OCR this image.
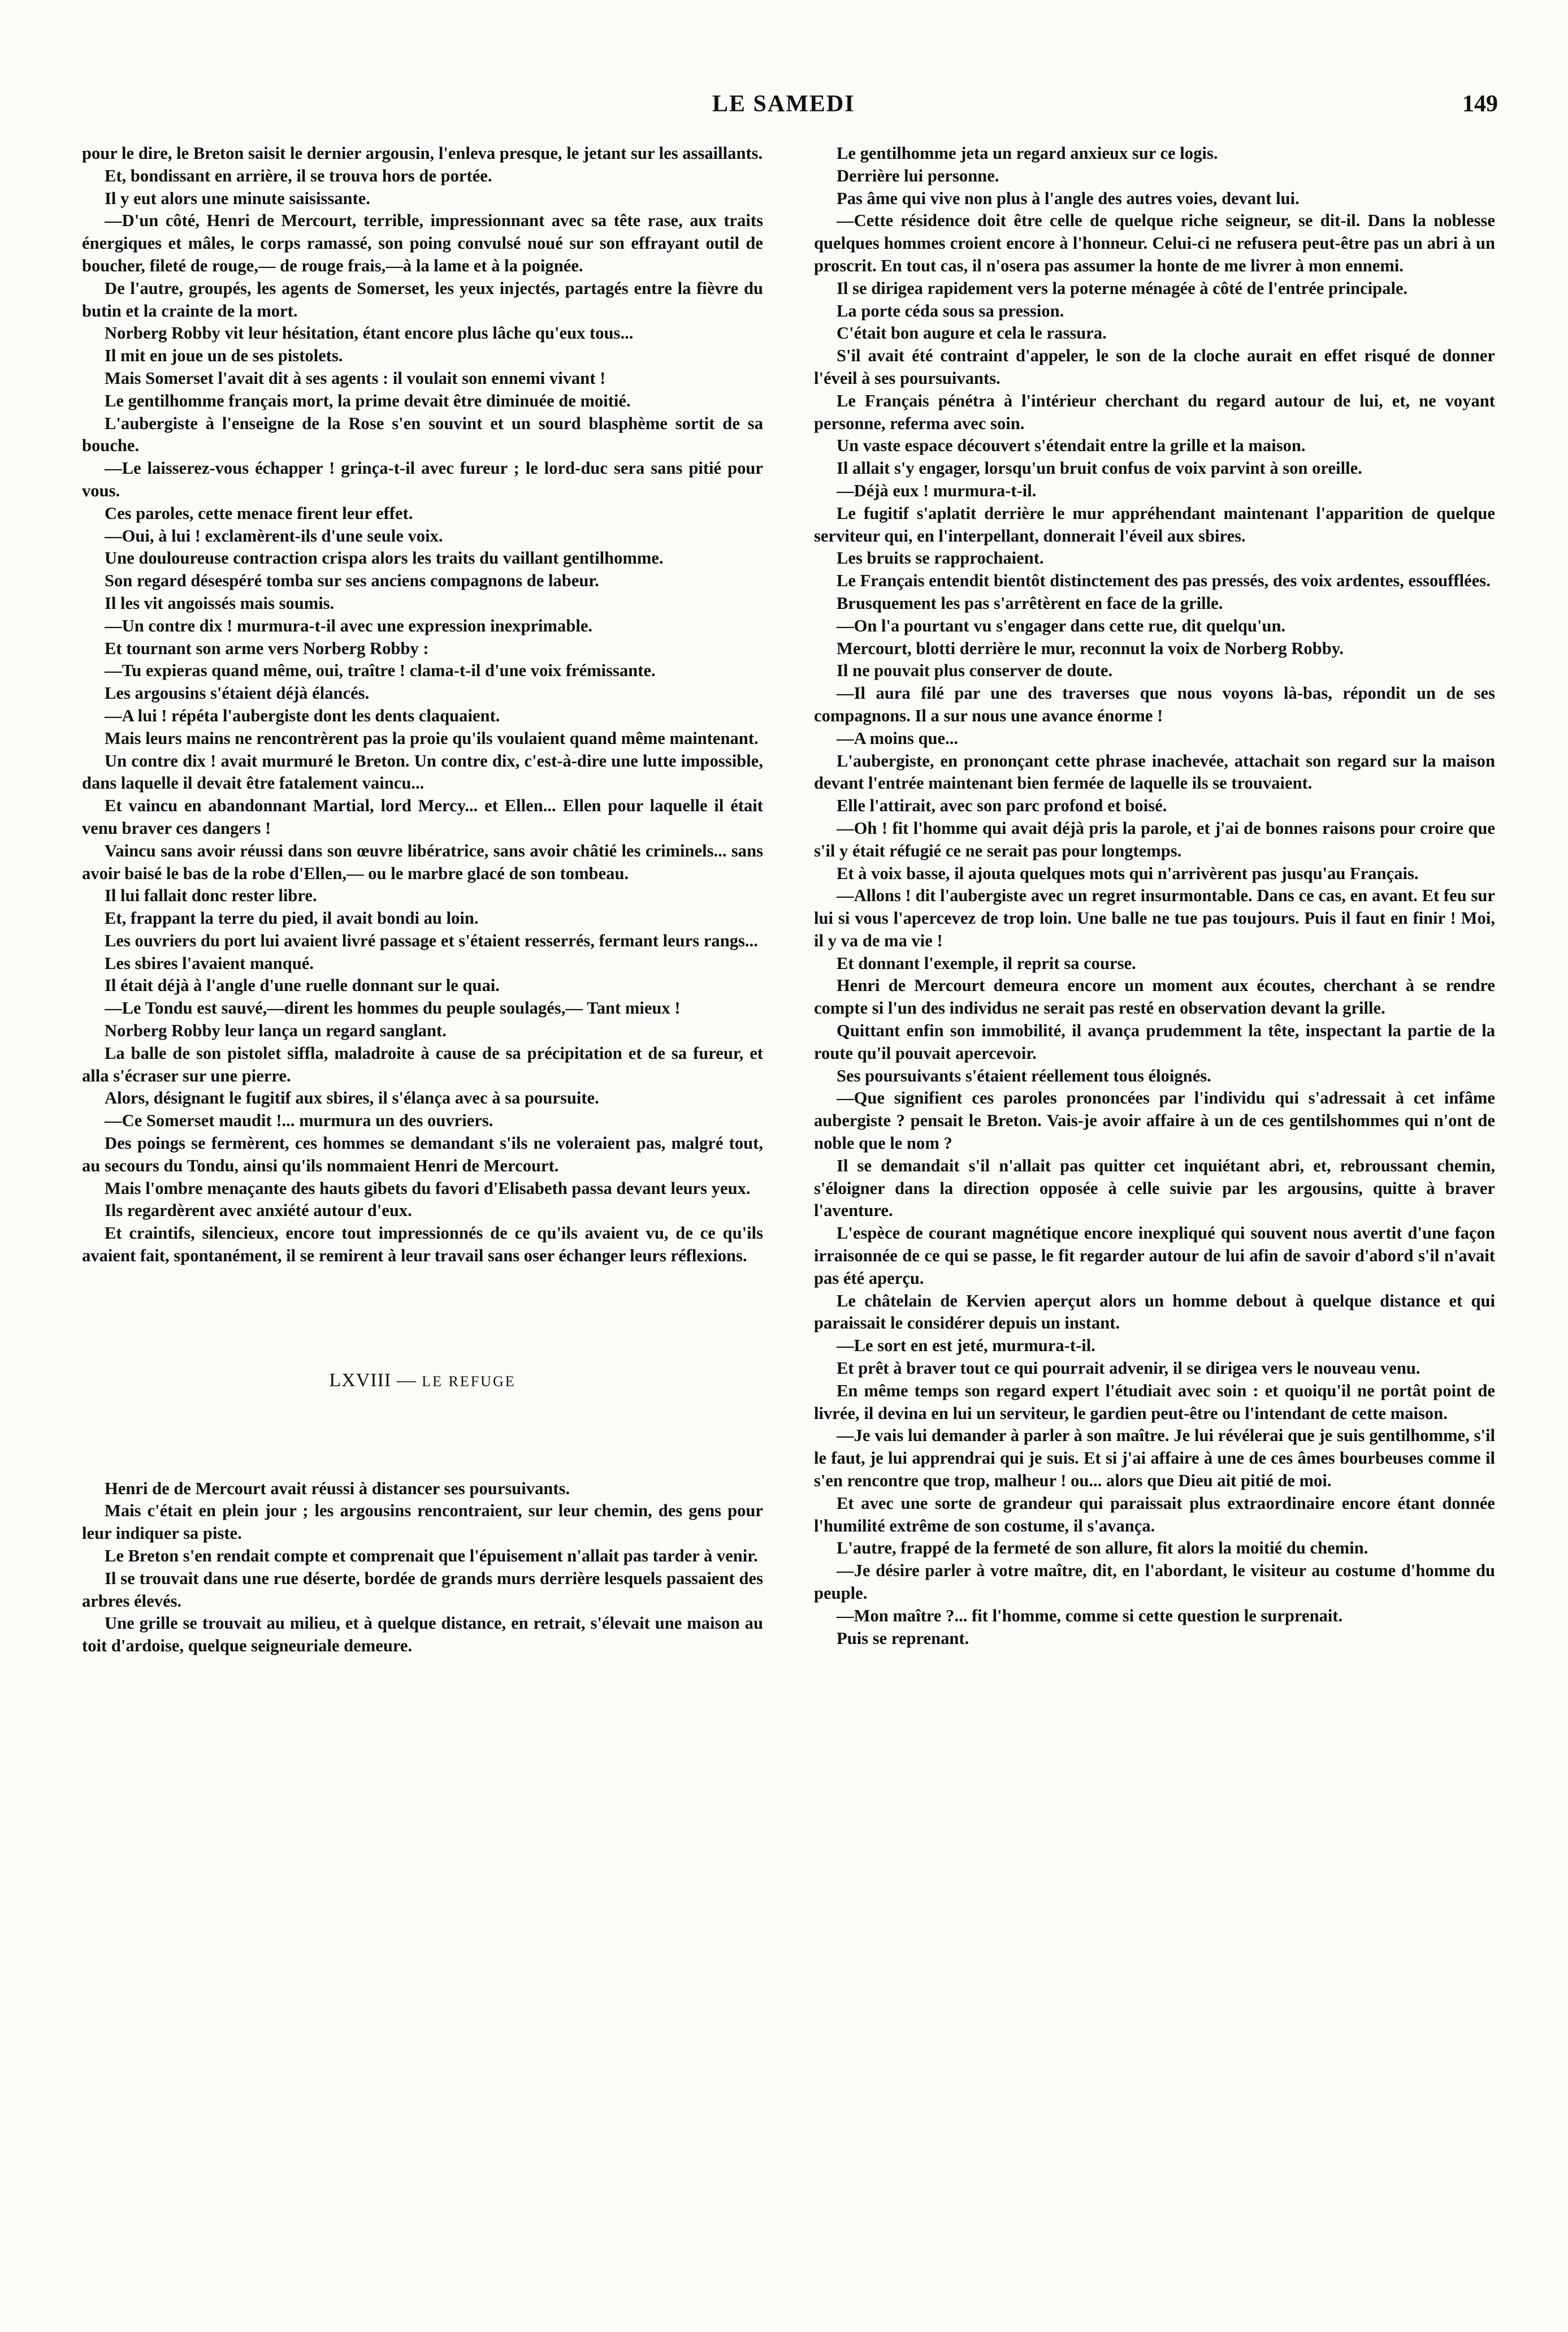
LE SAMEDI	149

pour le dire, le Breton saisit le dernier argousin, l'enleva presque, le jetant sur les assaillants.

Et, bondissant en arrière, il se trouva hors de portée.

Il y eut alors une minute saisissante.

—D'un côté, Henri de Mercourt, terrible, impressionnant avec sa tête rase, aux traits énergiques et mâles, le corps ramassé, son poing convulsé noué sur son effrayant outil de boucher, fileté de rouge,— de rouge frais,—à la lame et à la poignée.

De l'autre, groupés, les agents de Somerset, les yeux injectés, partagés entre la fièvre du butin et la crainte de la mort.

Norberg Robby vit leur hésitation, étant encore plus lâche qu'eux tous...

Il mit en joue un de ses pistolets.

Mais Somerset l'avait dit à ses agents : il voulait son ennemi vivant !

Le gentilhomme français mort, la prime devait être diminuée de moitié.

L'aubergiste à l'enseigne de la Rose s'en souvint et un sourd blasphème sortit de sa bouche.

—Le laisserez-vous échapper ! grinça-t-il avec fureur ; le lord-duc sera sans pitié pour vous.

Ces paroles, cette menace firent leur effet.

—Oui, à lui ! exclamèrent-ils d'une seule voix.

Une douloureuse contraction crispa alors les traits du vaillant gentilhomme.

Son regard désespéré tomba sur ses anciens compagnons de labeur.

Il les vit angoissés mais soumis.

—Un contre dix ! murmura-t-il avec une expression inexprimable.

Et tournant son arme vers Norberg Robby :

—Tu expieras quand même, oui, traître ! clama-t-il d'une voix frémissante.

Les argousins s'étaient déjà élancés.

—A lui ! répéta l'aubergiste dont les dents claquaient.

Mais leurs mains ne rencontrèrent pas la proie qu'ils voulaient quand même maintenant.

Un contre dix ! avait murmuré le Breton. Un contre dix, c'est-à-dire une lutte impossible, dans laquelle il devait être fatalement vaincu...

Et vaincu en abandonnant Martial, lord Mercy... et Ellen... Ellen pour laquelle il était venu braver ces dangers !

Vaincu sans avoir réussi dans son œuvre libératrice, sans avoir châtié les criminels... sans avoir baisé le bas de la robe d'Ellen,— ou le marbre glacé de son tombeau.

Il lui fallait donc rester libre.

Et, frappant la terre du pied, il avait bondi au loin.

Les ouvriers du port lui avaient livré passage et s'étaient resserrés, fermant leurs rangs...

Les sbires l'avaient manqué.

Il était déjà à l'angle d'une ruelle donnant sur le quai.

—Le Tondu est sauvé,—dirent les hommes du peuple soulagés,— Tant mieux !

Norberg Robby leur lança un regard sanglant.

La balle de son pistolet siffla, maladroite à cause de sa précipitation et de sa fureur, et alla s'écraser sur une pierre.

Alors, désignant le fugitif aux sbires, il s'élança avec à sa poursuite.

—Ce Somerset maudit !... murmura un des ouvriers.

Des poings se fermèrent, ces hommes se demandant s'ils ne voleraient pas, malgré tout, au secours du Tondu, ainsi qu'ils nommaient Henri de Mercourt.

Mais l'ombre menaçante des hauts gibets du favori d'Elisabeth passa devant leurs yeux.

Ils regardèrent avec anxiété autour d'eux.

Et craintifs, silencieux, encore tout impressionnés de ce qu'ils avaient vu, de ce qu'ils avaient fait, spontanément, il se remirent à leur travail sans oser échanger leurs réflexions.

LXVIII — LE REFUGE

Henri de de Mercourt avait réussi à distancer ses poursuivants.

Mais c'était en plein jour ; les argousins rencontraient, sur leur chemin, des gens pour leur indiquer sa piste.

Le Breton s'en rendait compte et comprenait que l'épuisement n'allait pas tarder à venir.

Il se trouvait dans une rue déserte, bordée de grands murs derrière lesquels passaient des arbres élevés.

Une grille se trouvait au milieu, et à quelque distance, en retrait, s'élevait une maison au toit d'ardoise, quelque seigneuriale demeure.

Le gentilhomme jeta un regard anxieux sur ce logis.

Derrière lui personne.

Pas âme qui vive non plus à l'angle des autres voies, devant lui.

—Cette résidence doit être celle de quelque riche seigneur, se dit-il. Dans la noblesse quelques hommes croient encore à l'honneur. Celui-ci ne refusera peut-être pas un abri à un proscrit. En tout cas, il n'osera pas assumer la honte de me livrer à mon ennemi.

Il se dirigea rapidement vers la poterne ménagée à côté de l'entrée principale.

La porte céda sous sa pression.

C'était bon augure et cela le rassura.

S'il avait été contraint d'appeler, le son de la cloche aurait en effet risqué de donner l'éveil à ses poursuivants.

Le Français pénétra à l'intérieur cherchant du regard autour de lui, et, ne voyant personne, referma avec soin.

Un vaste espace découvert s'étendait entre la grille et la maison.

Il allait s'y engager, lorsqu'un bruit confus de voix parvint à son oreille.

—Déjà eux ! murmura-t-il.

Le fugitif s'aplatit derrière le mur appréhendant maintenant l'apparition de quelque serviteur qui, en l'interpellant, donnerait l'éveil aux sbires.

Les bruits se rapprochaient.

Le Français entendit bientôt distinctement des pas pressés, des voix ardentes, essoufflées.

Brusquement les pas s'arrêtèrent en face de la grille.

—On l'a pourtant vu s'engager dans cette rue, dit quelqu'un.

Mercourt, blotti derrière le mur, reconnut la voix de Norberg Robby.

Il ne pouvait plus conserver de doute.

—Il aura filé par une des traverses que nous voyons là-bas, répondit un de ses compagnons. Il a sur nous une avance énorme !

—A moins que...

L'aubergiste, en prononçant cette phrase inachevée, attachait son regard sur la maison devant l'entrée maintenant bien fermée de laquelle ils se trouvaient.

Elle l'attirait, avec son parc profond et boisé.

—Oh ! fit l'homme qui avait déjà pris la parole, et j'ai de bonnes raisons pour croire que s'il y était réfugié ce ne serait pas pour longtemps.

Et à voix basse, il ajouta quelques mots qui n'arrivèrent pas jusqu'au Français.

—Allons ! dit l'aubergiste avec un regret insurmontable. Dans ce cas, en avant. Et feu sur lui si vous l'apercevez de trop loin. Une balle ne tue pas toujours. Puis il faut en finir ! Moi, il y va de ma vie !

Et donnant l'exemple, il reprit sa course.

Henri de Mercourt demeura encore un moment aux écoutes, cherchant à se rendre compte si l'un des individus ne serait pas resté en observation devant la grille.

Quittant enfin son immobilité, il avança prudemment la tête, inspectant la partie de la route qu'il pouvait apercevoir.

Ses poursuivants s'étaient réellement tous éloignés.

—Que signifient ces paroles prononcées par l'individu qui s'adressait à cet infâme aubergiste ? pensait le Breton. Vais-je avoir affaire à un de ces gentilshommes qui n'ont de noble que le nom ?

Il se demandait s'il n'allait pas quitter cet inquiétant abri, et, rebroussant chemin, s'éloigner dans la direction opposée à celle suivie par les argousins, quitte à braver l'aventure.

L'espèce de courant magnétique encore inexpliqué qui souvent nous avertit d'une façon irraisonnée de ce qui se passe, le fit regarder autour de lui afin de savoir d'abord s'il n'avait pas été aperçu.

Le châtelain de Kervien aperçut alors un homme debout à quelque distance et qui paraissait le considérer depuis un instant.

—Le sort en est jeté, murmura-t-il.

Et prêt à braver tout ce qui pourrait advenir, il se dirigea vers le nouveau venu.

En même temps son regard expert l'étudiait avec soin : et quoiqu'il ne portât point de livrée, il devina en lui un serviteur, le gardien peut-être ou l'intendant de cette maison.

—Je vais lui demander à parler à son maître. Je lui révélerai que je suis gentilhomme, s'il le faut, je lui apprendrai qui je suis. Et si j'ai affaire à une de ces âmes bourbeuses comme il s'en rencontre que trop, malheur ! ou... alors que Dieu ait pitié de moi.

Et avec une sorte de grandeur qui paraissait plus extraordinaire encore étant donnée l'humilité extrême de son costume, il s'avança.

L'autre, frappé de la fermeté de son allure, fit alors la moitié du chemin.

—Je désire parler à votre maître, dit, en l'abordant, le visiteur au costume d'homme du peuple.

—Mon maître ?... fit l'homme, comme si cette question le surprenait.

Puis se reprenant.
